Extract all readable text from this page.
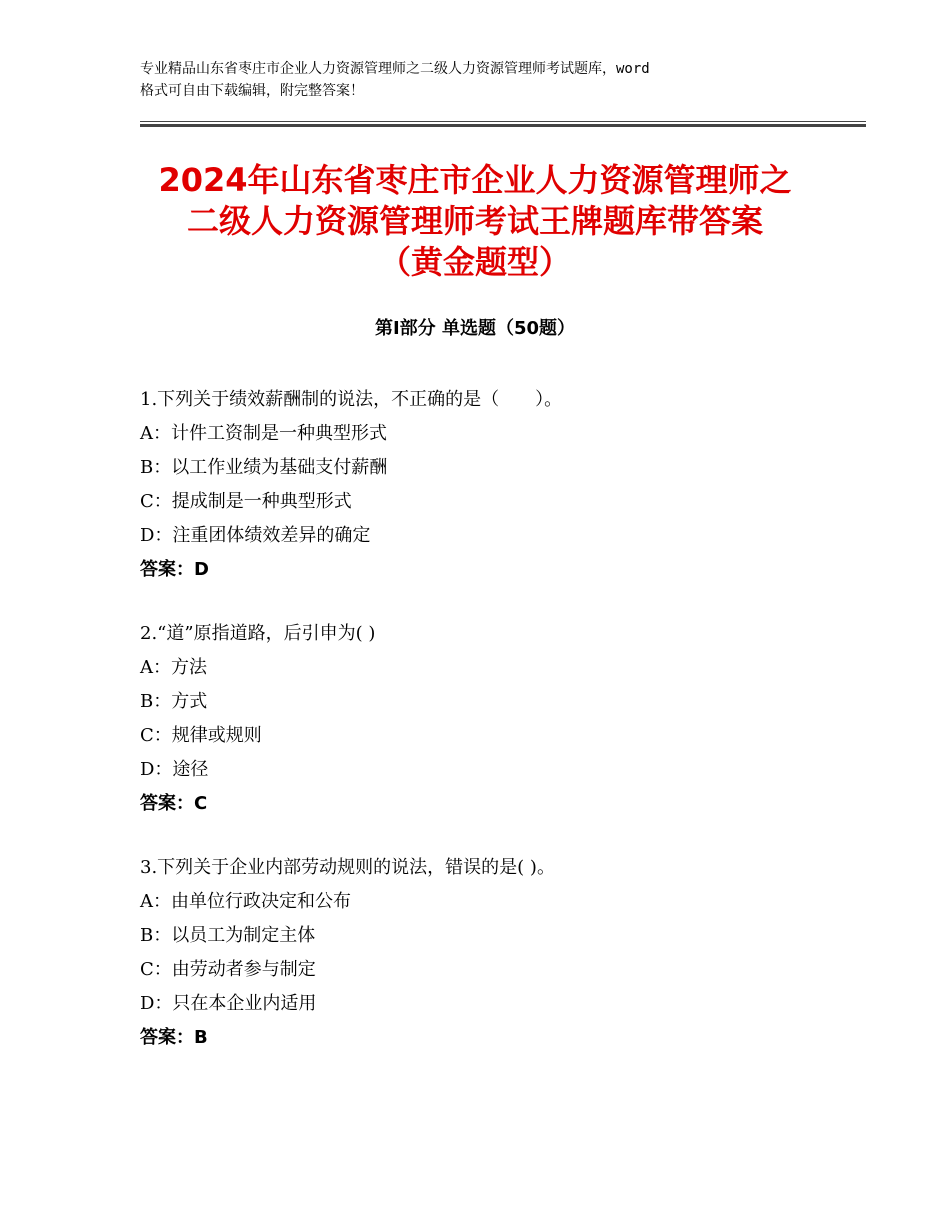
专业精品山东省枣庄市企业人力资源管理师之二级人力资源管理师考试题库，word
格式可自由下载编辑，附完整答案！
2024年山东省枣庄市企业人力资源管理师之
二级人力资源管理师考试王牌题库带答案
（黄金题型）
第Ⅰ部分 单选题（50题）
1.下列关于绩效薪酬制的说法，不正确的是（　　）。
A：计件工资制是一种典型形式
B：以工作业绩为基础支付薪酬
C：提成制是一种典型形式
D：注重团体绩效差异的确定
答案：D
2.“道”原指道路，后引申为( )
A：方法
B：方式
C：规律或规则
D：途径
答案：C
3.下列关于企业内部劳动规则的说法，错误的是( )。
A：由单位行政决定和公布
B：以员工为制定主体
C：由劳动者参与制定
D：只在本企业内适用
答案：B
